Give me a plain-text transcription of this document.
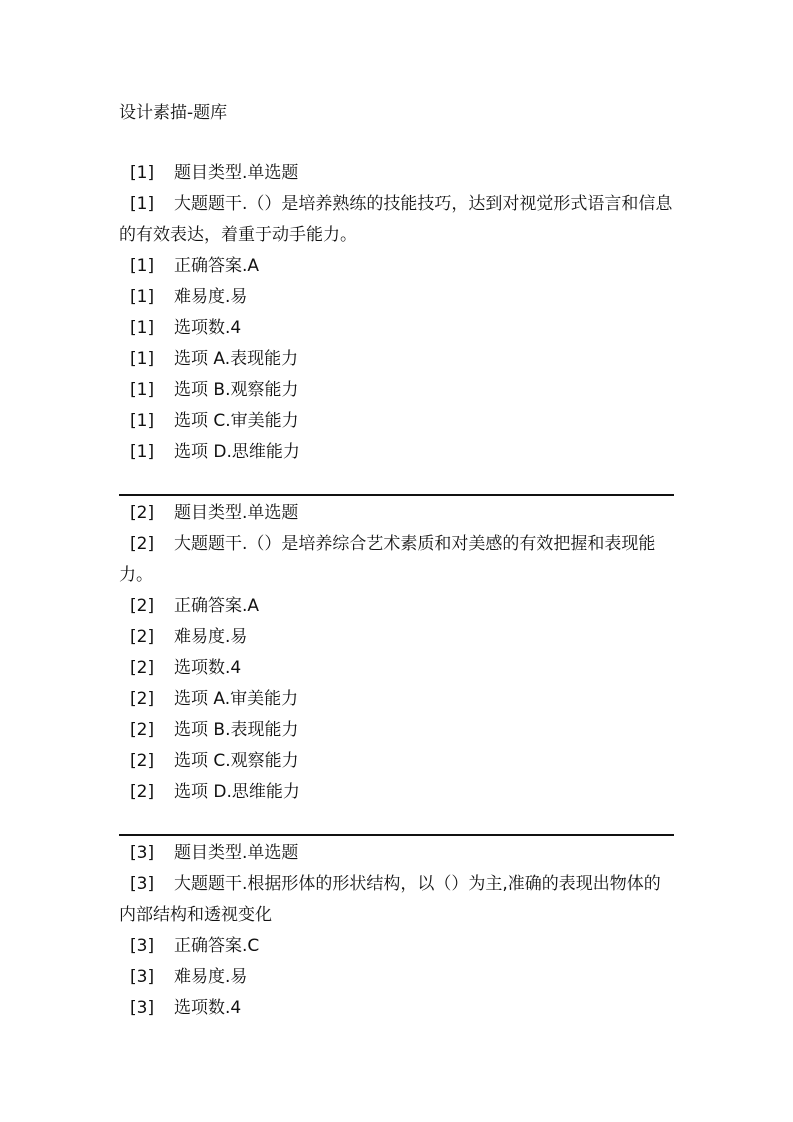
设计素描-题库
[1] 题目类型.单选题

[1] 大题题干.（）是培养熟练的技能技巧，达到对视觉形式语言和信息的有效表达，着重于动手能力。

[1] 正确答案.A
[1] 难易度.易
[1] 选项数.4
[1] 选项 A.表现能力
[1] 选项 B.观察能力
[1] 选项 C.审美能力
[1] 选项 D.思维能力
[2] 题目类型.单选题

[2] 大题题干.（）是培养综合艺术素质和对美感的有效把握和表现能力。

[2] 正确答案.A
[2] 难易度.易
[2] 选项数.4
[2] 选项 A.审美能力
[2] 选项 B.表现能力
[2] 选项 C.观察能力
[2] 选项 D.思维能力
[3] 题目类型.单选题

[3] 大题题干.根据形体的形状结构，以（）为主,准确的表现出物体的内部结构和透视变化

[3] 正确答案.C
[3] 难易度.易
[3] 选项数.4
